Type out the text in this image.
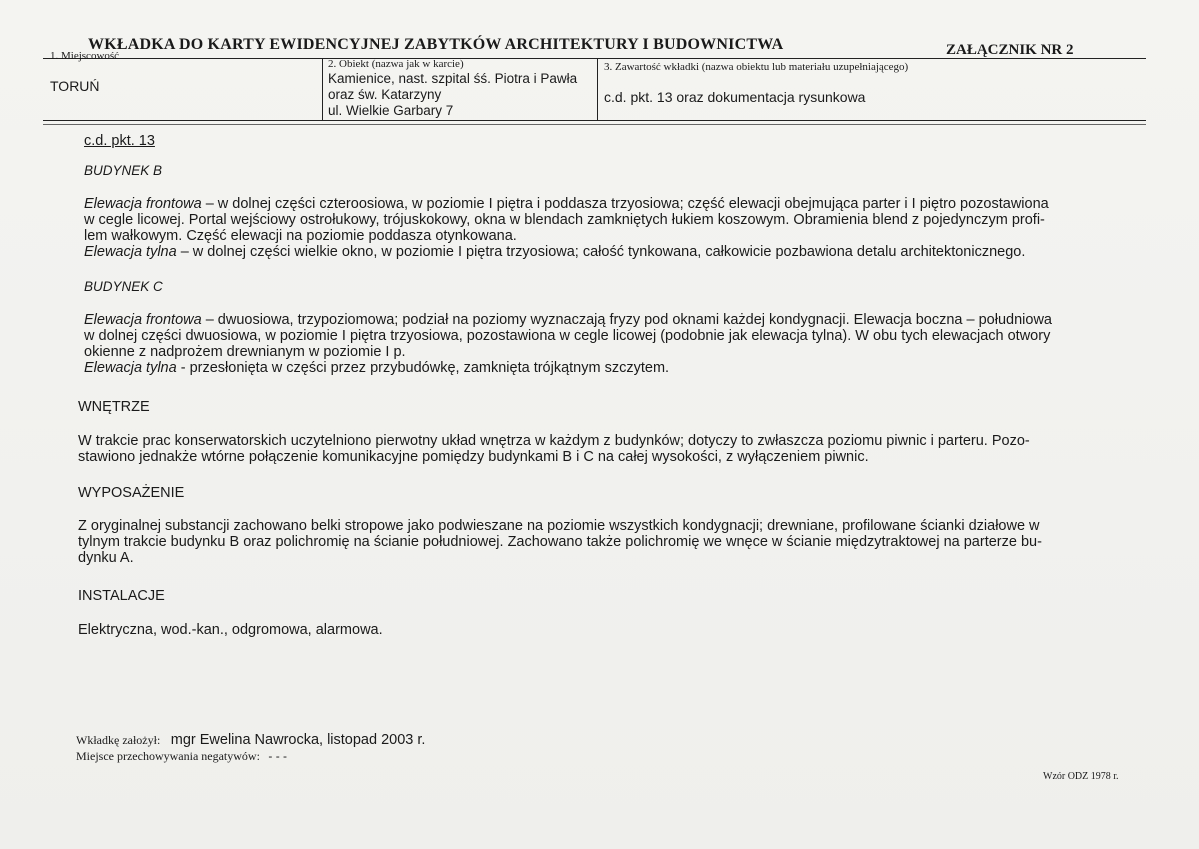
WKŁADKA DO KARTY EWIDENCYJNEJ ZABYTKÓW ARCHITEKTURY I BUDOWNICTWA	ZAŁĄCZNIK NR 2
1. Miejscowość
TORUŃ
2. Obiekt (nazwa jak w karcie)
Kamienice, nast. szpital śś. Piotra i Pawła
oraz św. Katarzyny
ul. Wielkie Garbary 7
3. Zawartość wkładki (nazwa obiektu lub materiału uzupełniającego)
c.d. pkt. 13 oraz dokumentacja rysunkowa
c.d. pkt. 13
BUDYNEK B
Elewacja frontowa – w dolnej części czteroosiowa, w poziomie I piętra i poddasza trzyosiowa; część elewacji obejmująca parter i I piętro pozostawiona
w cegle licowej. Portal wejściowy ostrołukowy, trójuskokowy, okna w blendach zamkniętych łukiem koszowym. Obramienia blend z pojedynczym profi-
lem wałkowym. Część elewacji na poziomie poddasza otynkowana.
Elewacja tylna – w dolnej części wielkie okno, w poziomie I piętra trzyosiowa; całość tynkowana, całkowicie pozbawiona detalu architektonicznego.
BUDYNEK C
Elewacja frontowa – dwuosiowa, trzypoziomowa; podział na poziomy wyznaczają fryzy pod oknami każdej kondygnacji. Elewacja boczna – południowa
w dolnej części dwuosiowa, w poziomie I piętra trzyosiowa, pozostawiona w cegle licowej (podobnie jak elewacja tylna). W obu tych elewacjach otwory
okienne z nadprożem drewnianym w poziomie I p.
Elewacja tylna - przesłonięta w części przez przybudówkę, zamknięta trójkątnym szczytem.
WNĘTRZE
W trakcie prac konserwatorskich uczytelniono pierwotny układ wnętrza w każdym z budynków; dotyczy to zwłaszcza poziomu piwnic i parteru. Pozo-
stawiono jednakże wtórne połączenie komunikacyjne pomiędzy budynkami B i C na całej wysokości, z wyłączeniem piwnic.
WYPOSAŻENIE
Z oryginalnej substancji zachowano belki stropowe jako podwieszane na poziomie wszystkich kondygnacji; drewniane, profilowane ścianki działowe w
tylnym trakcie budynku B oraz polichromię na ścianie południowej. Zachowano także polichromię we wnęce w ścianie międzytraktowej na parterze bu-
dynku A.
INSTALACJE
Elektryczna, wod.-kan., odgromowa, alarmowa.
Wkładkę założył: mgr Ewelina Nawrocka, listopad 2003 r.
Miejsce przechowywania negatywów: - - -
Wzór ODZ 1978 r.
